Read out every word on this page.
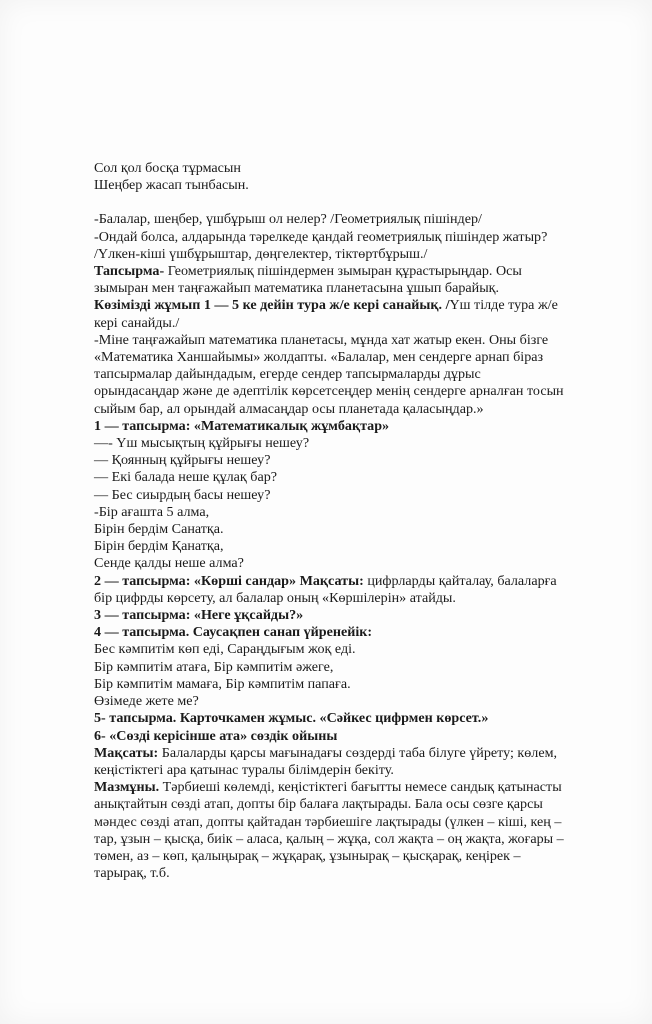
Сол қол босқа тұрмасын
Шеңбер жасап тынбасын.
-Балалар, шеңбер, үшбұрыш ол нелер? /Геометриялық пішіндер/
-Ондай болса, алдарында тәрелкеде қандай геометриялық пішіндер жатыр?
/Үлкен-кіші үшбұрыштар, дөңгелектер, тіктөртбұрыш./
Тапсырма- Геометриялық пішіндермен зымыран құрастырыңдар. Осы
зымыран мен таңғажайып математика планетасына ұшып барайық.
Көзімізді жұмып 1 — 5 ке дейін тура ж/е кері санайық. /Үш тілде тура ж/е
кері санайды./
-Міне таңғажайып математика планетасы, мұнда хат жатыр екен. Оны бізге
«Математика Ханшайымы» жолдапты. «Балалар, мен сендерге арнап біраз
тапсырмалар дайындадым, егерде сендер тапсырмаларды дұрыс
орындасаңдар және де әдептілік көрсетсеңдер менің сендерге арналған тосын
сыйым бар, ал орындай алмасаңдар осы планетада қаласыңдар.»
1 — тапсырма: «Математикалық жұмбақтар»
—- Үш мысықтың құйрығы нешеу?
— Қоянның құйрығы нешеу?
— Екі балада неше құлақ бар?
— Бес сиырдың басы нешеу?
-Бір ағашта 5 алма,
Бірін бердім Санатқа.
Бірін бердім Қанатқа,
Сенде қалды неше алма?
2 — тапсырма: «Көрші сандар» Мақсаты: цифрларды қайталау, балаларға
бір цифрды көрсету, ал балалар оның «Көршілерін» атайды.
3 — тапсырма: «Неге ұқсайды?»
4 — тапсырма. Саусақпен санап үйренейік:
Бес кәмпитім көп еді, Сараңдығым жоқ еді.
Бір кәмпитім атаға, Бір кәмпитім әжеге,
Бір кәмпитім мамаға, Бір кәмпитім папаға.
Өзімеде жете ме?
5- тапсырма. Карточкамен жұмыс. «Сәйкес цифрмен көрсет.»
6- «Сөзді керісінше ата» сөздік ойыны
Мақсаты: Балаларды қарсы мағынадағы сөздерді таба білуге үйрету; көлем,
кеңістіктегі ара қатынас туралы білімдерін бекіту.
Мазмұны. Тәрбиеші көлемді, кеңістіктегі бағытты немесе сандық қатынасты
анықтайтын сөзді атап, допты бір балаға лақтырады. Бала осы сөзге қарсы
мәндес сөзді атап, допты қайтадан тәрбиешіге лақтырады (үлкен – кіші, кең –
тар, ұзын – қысқа, биік – аласа, қалың – жұқа, сол жақта – оң жақта, жоғары –
төмен, аз – көп, қалыңырақ – жұқарақ, ұзынырақ – қысқарақ, кеңірек –
тарырақ, т.б.
